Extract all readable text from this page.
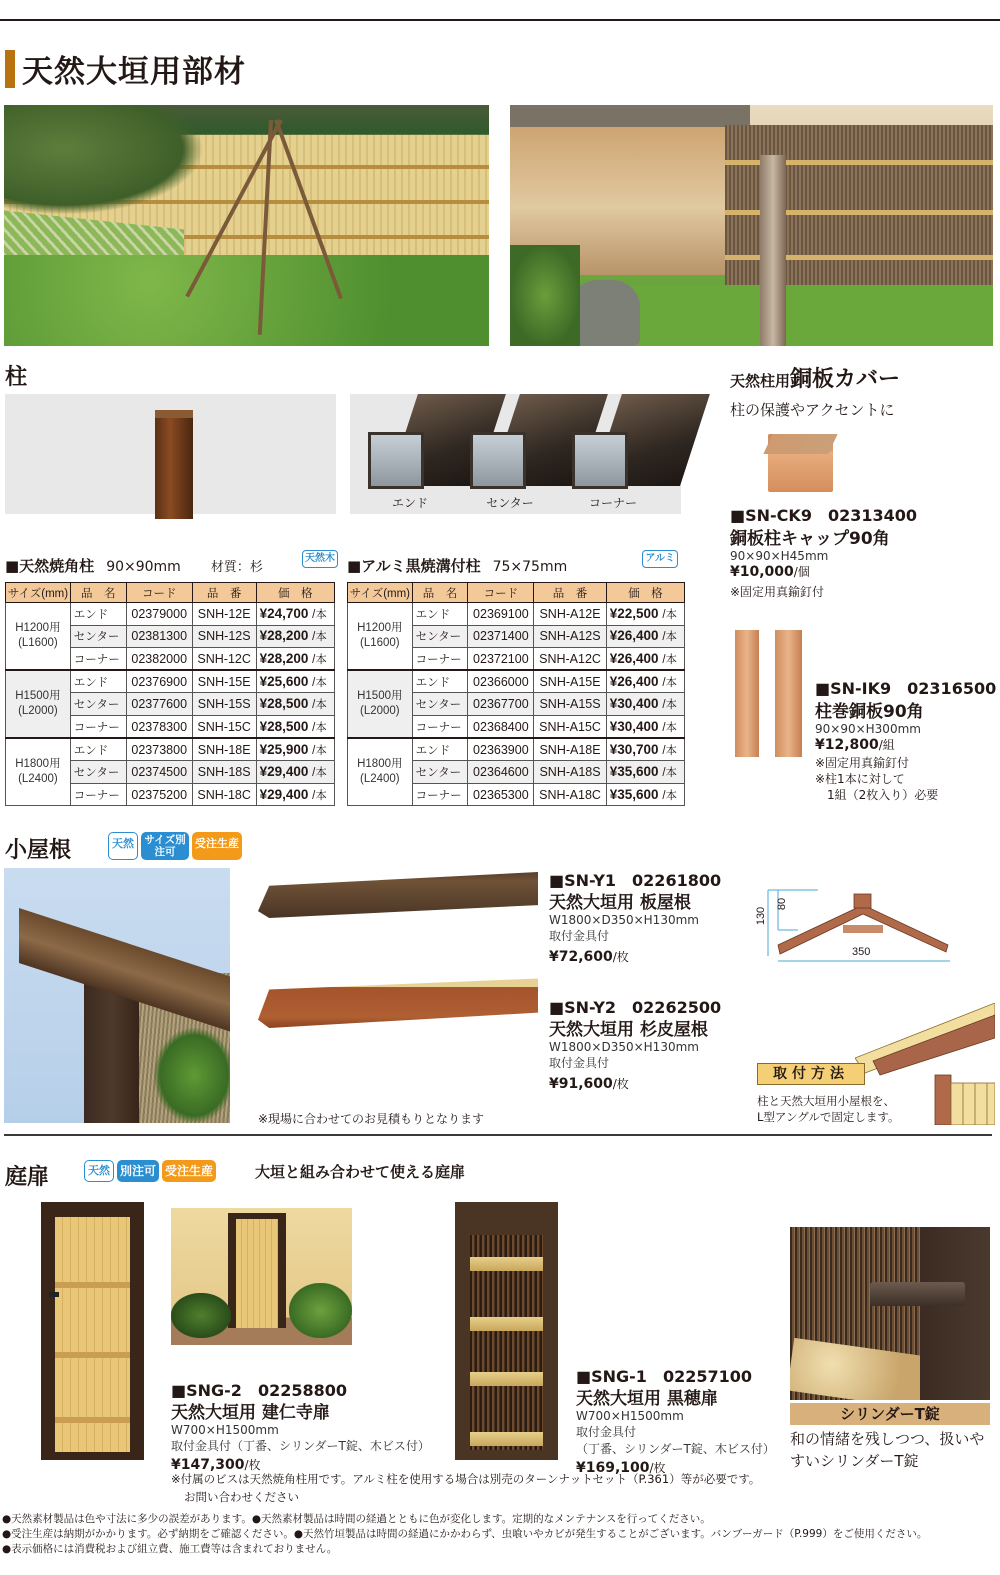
天然大垣用部材
柱
エンド	センター	コーナー
■天然焼角柱 90×90mm 材質：杉
天然木
サイズ(mm)	品　名	コード	品　番	価　格

H1200用
(L1600)	エンド	02379000	SNH-12E	¥24,700 /本
	センター	02381300	SNH-12S	¥28,200 /本
	コーナー	02382000	SNH-12C	¥28,200 /本

H1500用
(L2000)	エンド	02376900	SNH-15E	¥25,600 /本
	センター	02377600	SNH-15S	¥28,500 /本
	コーナー	02378300	SNH-15C	¥28,500 /本

H1800用
(L2400)	エンド	02373800	SNH-18E	¥25,900 /本
	センター	02374500	SNH-18S	¥29,400 /本
	コーナー	02375200	SNH-18C	¥29,400 /本
■アルミ黒焼溝付柱 75×75mm
アルミ
サイズ(mm)	品　名	コード	品　番	価　格

H1200用
(L1600)	エンド	02369100	SNH-A12E	¥22,500 /本
	センター	02371400	SNH-A12S	¥26,400 /本
	コーナー	02372100	SNH-A12C	¥26,400 /本

H1500用
(L2000)	エンド	02366000	SNH-A15E	¥26,400 /本
	センター	02367700	SNH-A15S	¥30,400 /本
	コーナー	02368400	SNH-A15C	¥30,400 /本

H1800用
(L2400)	エンド	02363900	SNH-A18E	¥30,700 /本
	センター	02364600	SNH-A18S	¥35,600 /本
	コーナー	02365300	SNH-A18C	¥35,600 /本
天然柱用銅板カバー
柱の保護やアクセントに
■SN-CK9　02313400
銅板柱キャップ90角
90×90×H45mm
¥10,000/個
※固定用真鍮釘付
■SN-IK9　02316500
柱巻銅板90角
90×90×H300mm
¥12,800/組
※固定用真鍮釘付
※柱1本に対して
　1組（2枚入り）必要
小屋根	天然 サイズ別注可
受注生産
■SN-Y1　02261800
天然大垣用 板屋根
W1800×D350×H130mm
取付金具付
¥72,600/枚
■SN-Y2　02262500
天然大垣用 杉皮屋根
W1800×D350×H130mm
取付金具付
¥91,600/枚
※現場に合わせてのお見積もりとなります
130
80
350
取付方法
柱と天然大垣用小屋根を、
L型アングルで固定します。
庭扉	天然 別注可 受注生産	大垣と組み合わせて使える庭扉
シリンダーT錠
和の情緒を残しつつ、扱いやすいシリンダーT錠
■SNG-2　02258800
天然大垣用 建仁寺扉
W700×H1500mm
取付金具付（丁番、シリンダーT錠、木ビス付）
¥147,300/枚
■SNG-1　02257100
天然大垣用 黒穂扉
W700×H1500mm
取付金具付
（丁番、シリンダーT錠、木ビス付）
¥169,100/枚
※付属のビスは天然焼角柱用です。アルミ柱を使用する場合は別売のターンナットセット（P.361）等が必要です。
お問い合わせください
●天然素材製品は色や寸法に多少の誤差があります。●天然素材製品は時間の経過とともに色が変化します。定期的なメンテナンスを行ってください。
●受注生産は納期がかかります。必ず納期をご確認ください。●天然竹垣製品は時間の経過にかかわらず、虫喰いやカビが発生することがございます。バンブーガード（P.999）をご使用ください。
●表示価格には消費税および組立費、施工費等は含まれておりません。
